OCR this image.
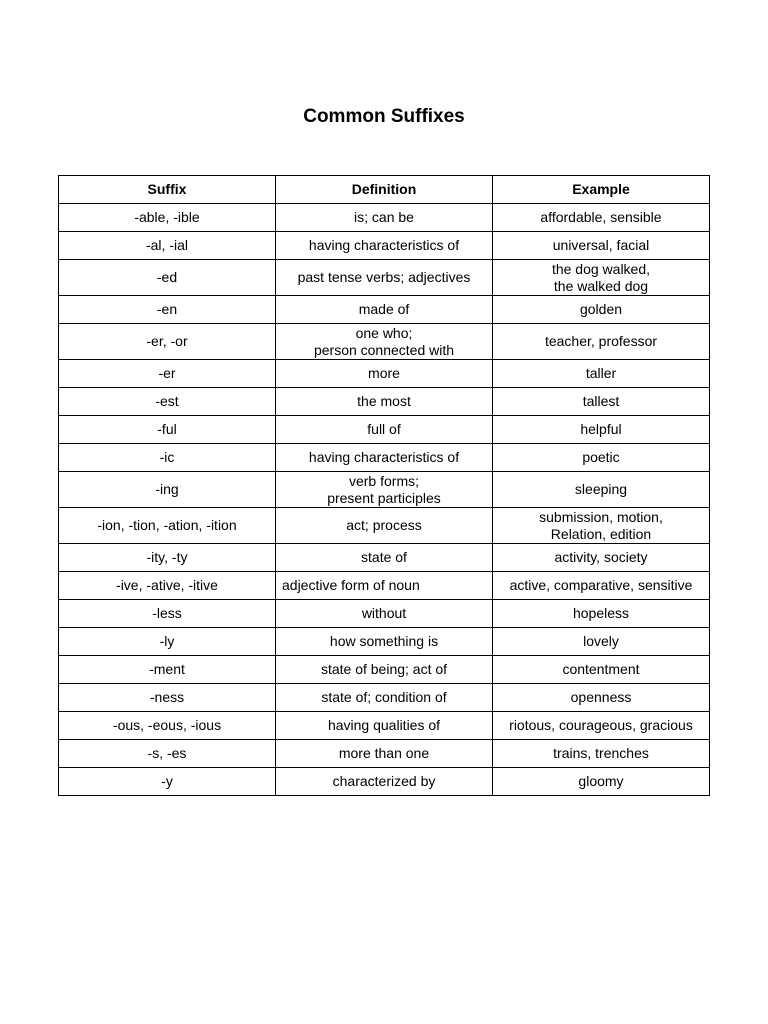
Common Suffixes
Suffix	Definition	Example
-able, -ible	is; can be	affordable, sensible
-al, -ial	having characteristics of	universal, facial
-ed	past tense verbs; adjectives	the dog walked,
the walked dog
-en	made of	golden
-er, -or	one who;
person connected with	teacher, professor
-er	more	taller
-est	the most	tallest
-ful	full of	helpful
-ic	having characteristics of	poetic
-ing	verb forms;
present participles	sleeping
-ion, -tion, -ation, -ition	act; process	submission, motion,
Relation, edition
-ity, -ty	state of	activity, society
-ive, -ative, -itive	adjective form of noun	active, comparative, sensitive
-less	without	hopeless
-ly	how something is	lovely
-ment	state of being; act of	contentment
-ness	state of; condition of	openness
-ous, -eous, -ious	having qualities of	riotous, courageous, gracious
-s, -es	more than one	trains, trenches
-y	characterized by	gloomy
